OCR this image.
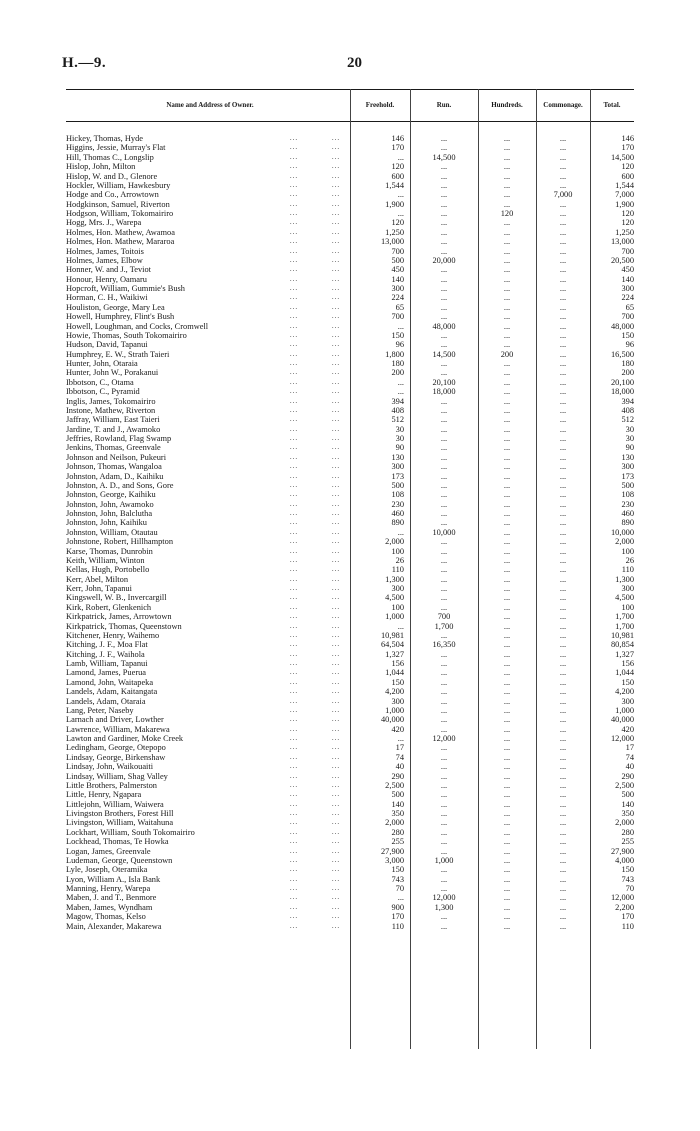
H.—9.	20
Name and Address of Owner.	Freehold.	Run.	Hundreds.	Commonage.	Total.
Hickey, Thomas, Hyde	146	...	...	...	146
...	...
Higgins, Jessie, Murray's Flat	170	...	...	...	170
...	...
Hill, Thomas C., Longslip	...	14,500	...	...	14,500
...	...
Hislop, John, Milton	120	...	...	...	120
...	...
Hislop, W. and D., Glenore	600	...	...	...	600
...	...
Hockler, William, Hawkesbury	1,544	...	...	...	1,544
...	...
Hodge and Co., Arrowtown	...	...	...	7,000	7,000
...	...
Hodgkinson, Samuel, Riverton	1,900	...	...	...	1,900
...	...
Hodgson, William, Tokomairiro	...	...	120	...	120
...	...
Hogg, Mrs. J., Warepa	120	...	...	...	120
...	...
Holmes, Hon. Mathew, Awamoa	1,250	...	...	...	1,250
...	...
Holmes, Hon. Mathew, Mararoa	13,000	...	...	...	13,000
...	...
Holmes, James, Toitois	700	...	...	...	700
...	...
Holmes, James, Elbow	500	20,000	...	...	20,500
...	...
Honner, W. and J., Teviot	450	...	...	...	450
...	...
Honour, Henry, Oamaru	140	...	...	...	140
...	...
Hopcroft, William, Gummie's Bush	300	...	...	...	300
...	...
Horman, C. H., Waikiwi	224	...	...	...	224
...	...
Houliston, George, Mary Lea	65	...	...	...	65
...	...
Howell, Humphrey, Flint's Bush	700	...	...	...	700
...	...
Howell, Loughman, and Cocks, Cromwell	...	48,000	...	...	48,000
...	...
Howie, Thomas, South Tokomairiro	150	...	...	...	150
...	...
Hudson, David, Tapanui	96	...	...	...	96
...	...
Humphrey, E. W., Strath Taieri	1,800	14,500	200	...	16,500
...	...
Hunter, John, Otaraia	180	...	...	...	180
...	...
Hunter, John W., Porakanui	200	...	...	...	200
...	...
Ibbotson, C., Otama	...	20,100	...	...	20,100
...	...
Ibbotson, C., Pyramid	...	18,000	...	...	18,000
...	...
Inglis, James, Tokomairiro	394	...	...	...	394
...	...
Instone, Mathew, Riverton	408	...	...	...	408
...	...
Jaffray, William, East Taieri	512	...	...	...	512
...	...
Jardine, T. and J., Awamoko	30	...	...	...	30
...	...
Jeffries, Rowland, Flag Swamp	30	...	...	...	30
...	...
Jenkins, Thomas, Greenvale	90	...	...	...	90
...	...
Johnson and Neilson, Pukeuri	130	...	...	...	130
...	...
Johnson, Thomas, Wangaloa	300	...	...	...	300
...	...
Johnston, Adam, D., Kaihiku	173	...	...	...	173
...	...
Johnston, A. D., and Sons, Gore	500	...	...	...	500
...	...
Johnston, George, Kaihiku	108	...	...	...	108
...	...
Johnston, John, Awamoko	230	...	...	...	230
...	...
Johnston, John, Balclutha	460	...	...	...	460
...	...
Johnston, John, Kaihiku	890	...	...	...	890
...	...
Johnston, William, Otautau	...	10,000	...	...	10,000
...	...
Johnstone, Robert, Hillhampton	2,000	...	...	...	2,000
...	...
Karse, Thomas, Dunrobin	100	...	...	...	100
...	...
Keith, William, Winton	26	...	...	...	26
...	...
Kellas, Hugh, Portobello	110	...	...	...	110
...	...
Kerr, Abel, Milton	1,300	...	...	...	1,300
...	...
Kerr, John, Tapanui	300	...	...	...	300
...	...
Kingswell, W. B., Invercargill	4,500	...	...	...	4,500
...	...
Kirk, Robert, Glenkenich	100	...	...	...	100
...	...
Kirkpatrick, James, Arrowtown	1,000	700	...	...	1,700
...	...
Kirkpatrick, Thomas, Queenstown	...	1,700	...	...	1,700
...	...
Kitchener, Henry, Waihemo	10,981	...	...	...	10,981
...	...
Kitching, J. F., Moa Flat	64,504	16,350	...	...	80,854
...	...
Kitching, J. F., Waihola	1,327	...	...	...	1,327
...	...
Lamb, William, Tapanui	156	...	...	...	156
...	...
Lamond, James, Puerua	1,044	...	...	...	1,044
...	...
Lamond, John, Waitapeka	150	...	...	...	150
...	...
Landels, Adam, Kaitangata	4,200	...	...	...	4,200
...	...
Landels, Adam, Otaraia	300	...	...	...	300
...	...
Lang, Peter, Naseby	1,000	...	...	...	1,000
...	...
Larnach and Driver, Lowther	40,000	...	...	...	40,000
...	...
Lawrence, William, Makarewa	420	...	...	...	420
...	...
Lawton and Gardiner, Moke Creek	...	12,000	...	...	12,000
...	...
Ledingham, George, Otepopo	17	...	...	...	17
...	...
Lindsay, George, Birkenshaw	74	...	...	...	74
...	...
Lindsay, John, Waikouaiti	40	...	...	...	40
...	...
Lindsay, William, Shag Valley	290	...	...	...	290
...	...
Little Brothers, Palmerston	2,500	...	...	...	2,500
...	...
Little, Henry, Ngapara	500	...	...	...	500
...	...
Littlejohn, William, Waiwera	140	...	...	...	140
...	...
Livingston Brothers, Forest Hill	350	...	...	...	350
...	...
Livingston, William, Waitahuna	2,000	...	...	...	2,000
...	...
Lockhart, William, South Tokomairiro	280	...	...	...	280
...	...
Lockhead, Thomas, Te Howka	255	...	...	...	255
...	...
Logan, James, Greenvale	27,900	...	...	...	27,900
...	...
Ludeman, George, Queenstown	3,000	1,000	...	...	4,000
...	...
Lyle, Joseph, Oteramika	150	...	...	...	150
...	...
Lyon, William A., Isla Bank	743	...	...	...	743
...	...
Manning, Henry, Warepa	70	...	...	...	70
...	...
Maben, J. and T., Benmore	...	12,000	...	...	12,000
...	...
Maben, James, Wyndham	900	1,300	...	...	2,200
...	...
Magow, Thomas, Kelso	170	...	...	...	170
...	...
Main, Alexander, Makarewa	110	...	...	...	110
...	...
